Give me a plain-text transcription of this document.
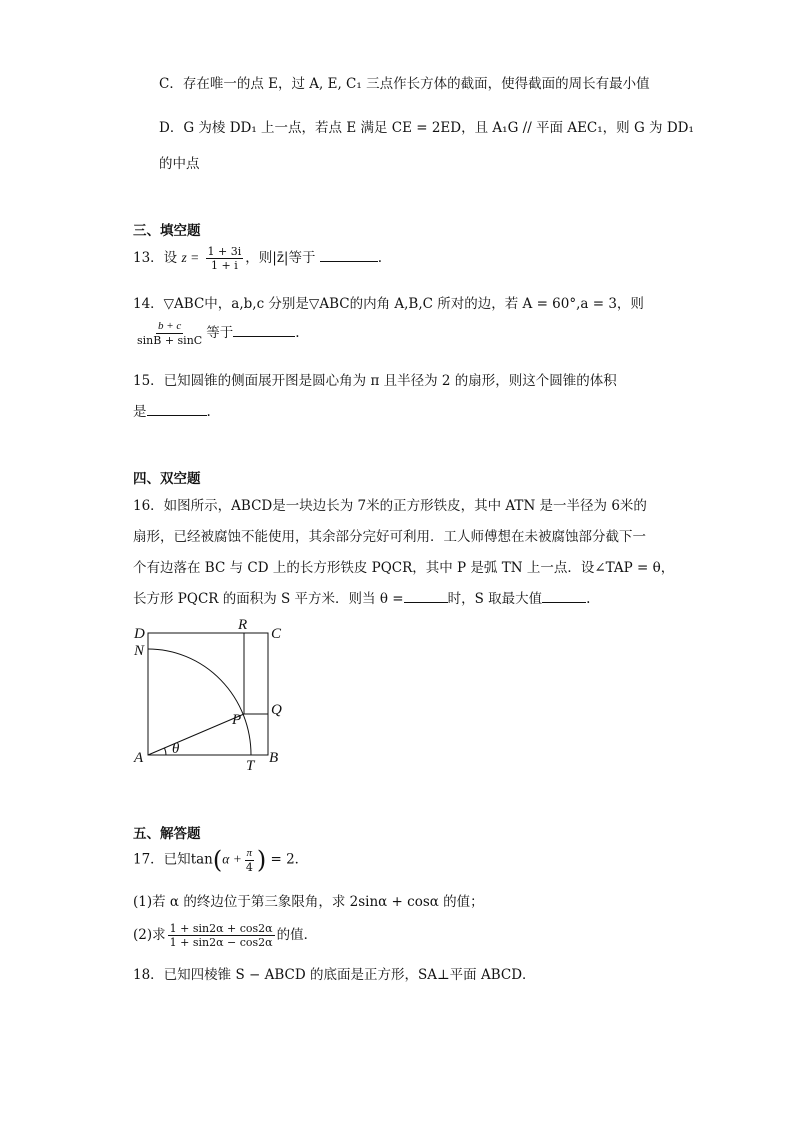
C．存在唯一的点 E，过 A, E, C₁ 三点作长方体的截面，使得截面的周长有最小值
D．G 为棱 DD₁ 上一点，若点 E 满足 CE = 2ED，且 A₁G // 平面 AEC₁，则 G 为 DD₁
的中点
三、填空题
13．设 $z = \frac{1 + 3i}{1 + i}$ ，则|z̄|等于	.
14．▽ABC中，a,b,c 分别是▽ABC的内角 A,B,C 所对的边，若 A = 60°,a = 3，则
$\frac{b + c}{\sin B + \sin C}$ 等于	.
15．已知圆锥的侧面展开图是圆心角为 π 且半径为 2 的扇形，则这个圆锥的体积
是	.
四、双空题
16．如图所示，ABCD是一块边长为 7米的正方形铁皮，其中 ATN 是一半径为 6米的
扇形，已经被腐蚀不能使用，其余部分完好可利用．工人师傅想在未被腐蚀部分截下一
个有边落在 BC 与 CD 上的长方形铁皮 PQCR，其中 P 是弧 TN 上一点．设∠TAP = θ，
长方形 PQCR 的面积为 S 平方米．则当 θ =	时，S 取最大值	.
D
R
C
N
Q
P
A
θ
T B
五、解答题
17．已知$\tan(\alpha + \frac{\pi}{4}$ ) = 2．
(1)若 α 的终边位于第三象限角，求 2sinα + cosα 的值；
(2)求 $\frac{1 + \sin 2\alpha + \cos 2\alpha}{1 + \sin 2\alpha - \cos 2\alpha}$ 的值．
18．已知四棱锥 S − ABCD 的底面是正方形，SA⊥平面 ABCD．
